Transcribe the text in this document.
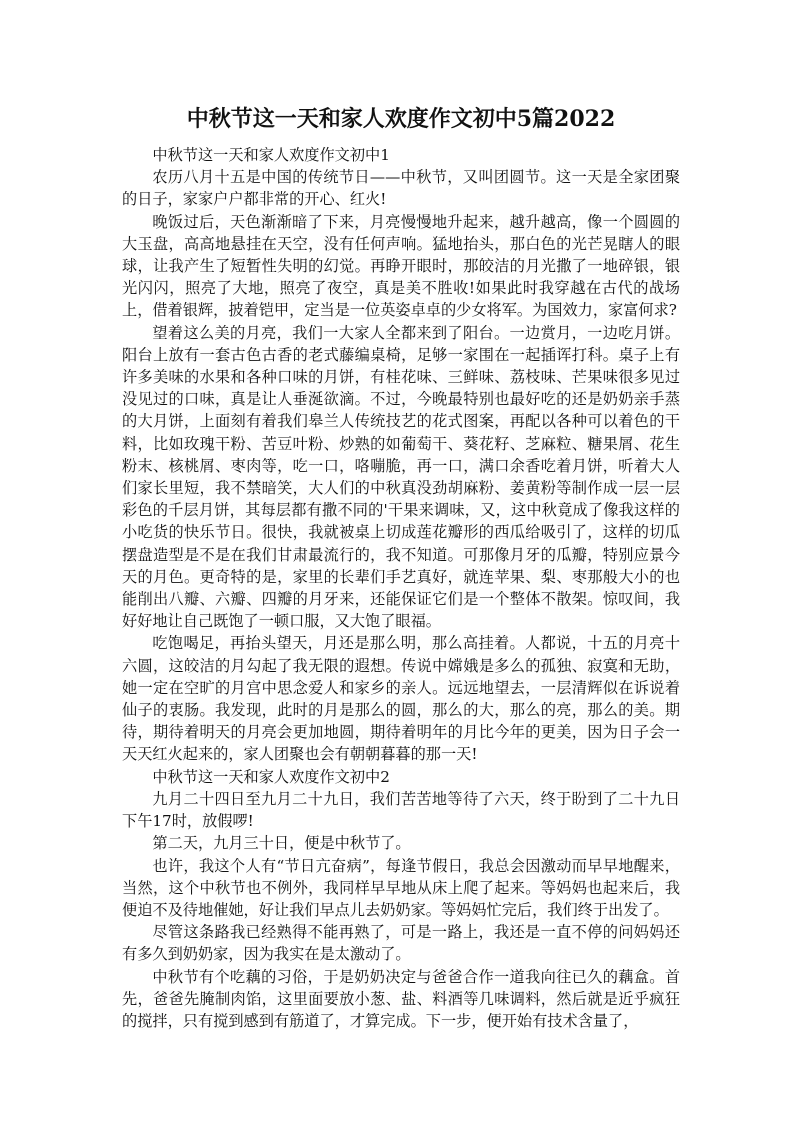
中秋节这一天和家人欢度作文初中5篇2022

中秋节这一天和家人欢度作文初中1

农历八月十五是中国的传统节日——中秋节，又叫团圆节。这一天是全家团聚的日子，家家户户都非常的开心、红火!

晚饭过后，天色渐渐暗了下来，月亮慢慢地升起来，越升越高，像一个圆圆的大玉盘，高高地悬挂在天空，没有任何声响。猛地抬头，那白色的光芒晃瞎人的眼球，让我产生了短暂性失明的幻觉。再睁开眼时，那皎洁的月光撒了一地碎银，银光闪闪，照亮了大地，照亮了夜空，真是美不胜收!如果此时我穿越在古代的战场上，借着银辉，披着铠甲，定当是一位英姿卓卓的少女将军。为国效力，家富何求?

望着这么美的月亮，我们一大家人全都来到了阳台。一边赏月，一边吃月饼。阳台上放有一套古色古香的老式藤编桌椅，足够一家围在一起插诨打科。桌子上有许多美味的水果和各种口味的月饼，有桂花味、三鲜味、荔枝味、芒果味很多见过没见过的口味，真是让人垂涎欲滴。不过，今晚最特别也最好吃的还是奶奶亲手蒸的大月饼，上面刻有着我们皋兰人传统技艺的花式图案，再配以各种可以着色的干料，比如玫瑰干粉、苦豆叶粉、炒熟的如葡萄干、葵花籽、芝麻粒、糖果屑、花生粉末、核桃屑、枣肉等，吃一口，咯嘣脆，再一口，满口余香吃着月饼，听着大人们家长里短，我不禁暗笑，大人们的中秋真没劲胡麻粉、姜黄粉等制作成一层一层彩色的千层月饼，其每层都有撒不同的'干果来调味，又，这中秋竟成了像我这样的小吃货的快乐节日。很快，我就被桌上切成莲花瓣形的西瓜给吸引了，这样的切瓜摆盘造型是不是在我们甘肃最流行的，我不知道。可那像月牙的瓜瓣，特别应景今天的月色。更奇特的是，家里的长辈们手艺真好，就连苹果、梨、枣那般大小的也能削出八瓣、六瓣、四瓣的月牙来，还能保证它们是一个整体不散架。惊叹间，我好好地让自己既饱了一顿口服，又大饱了眼福。

吃饱喝足，再抬头望天，月还是那么明，那么高挂着。人都说，十五的月亮十六圆，这皎洁的月勾起了我无限的遐想。传说中嫦娥是多么的孤独、寂寞和无助，她一定在空旷的月宫中思念爱人和家乡的亲人。远远地望去，一层清辉似在诉说着仙子的衷肠。我发现，此时的月是那么的圆，那么的大，那么的亮，那么的美。期待，期待着明天的月亮会更加地圆，期待着明年的月比今年的更美，因为日子会一天天红火起来的，家人团聚也会有朝朝暮暮的那一天!

中秋节这一天和家人欢度作文初中2

九月二十四日至九月二十九日，我们苦苦地等待了六天，终于盼到了二十九日下午17时，放假啰!

第二天，九月三十日，便是中秋节了。

也许，我这个人有“节日亢奋病”，每逢节假日，我总会因激动而早早地醒来，当然，这个中秋节也不例外，我同样早早地从床上爬了起来。等妈妈也起来后，我便迫不及待地催她，好让我们早点儿去奶奶家。等妈妈忙完后，我们终于出发了。

尽管这条路我已经熟得不能再熟了，可是一路上，我还是一直不停的问妈妈还有多久到奶奶家，因为我实在是太激动了。

中秋节有个吃藕的习俗，于是奶奶决定与爸爸合作一道我向往已久的藕盒。首先，爸爸先腌制肉馅，这里面要放小葱、盐、料酒等几味调料，然后就是近乎疯狂的搅拌，只有搅到感到有筋道了，才算完成。下一步，便开始有技术含量了，
